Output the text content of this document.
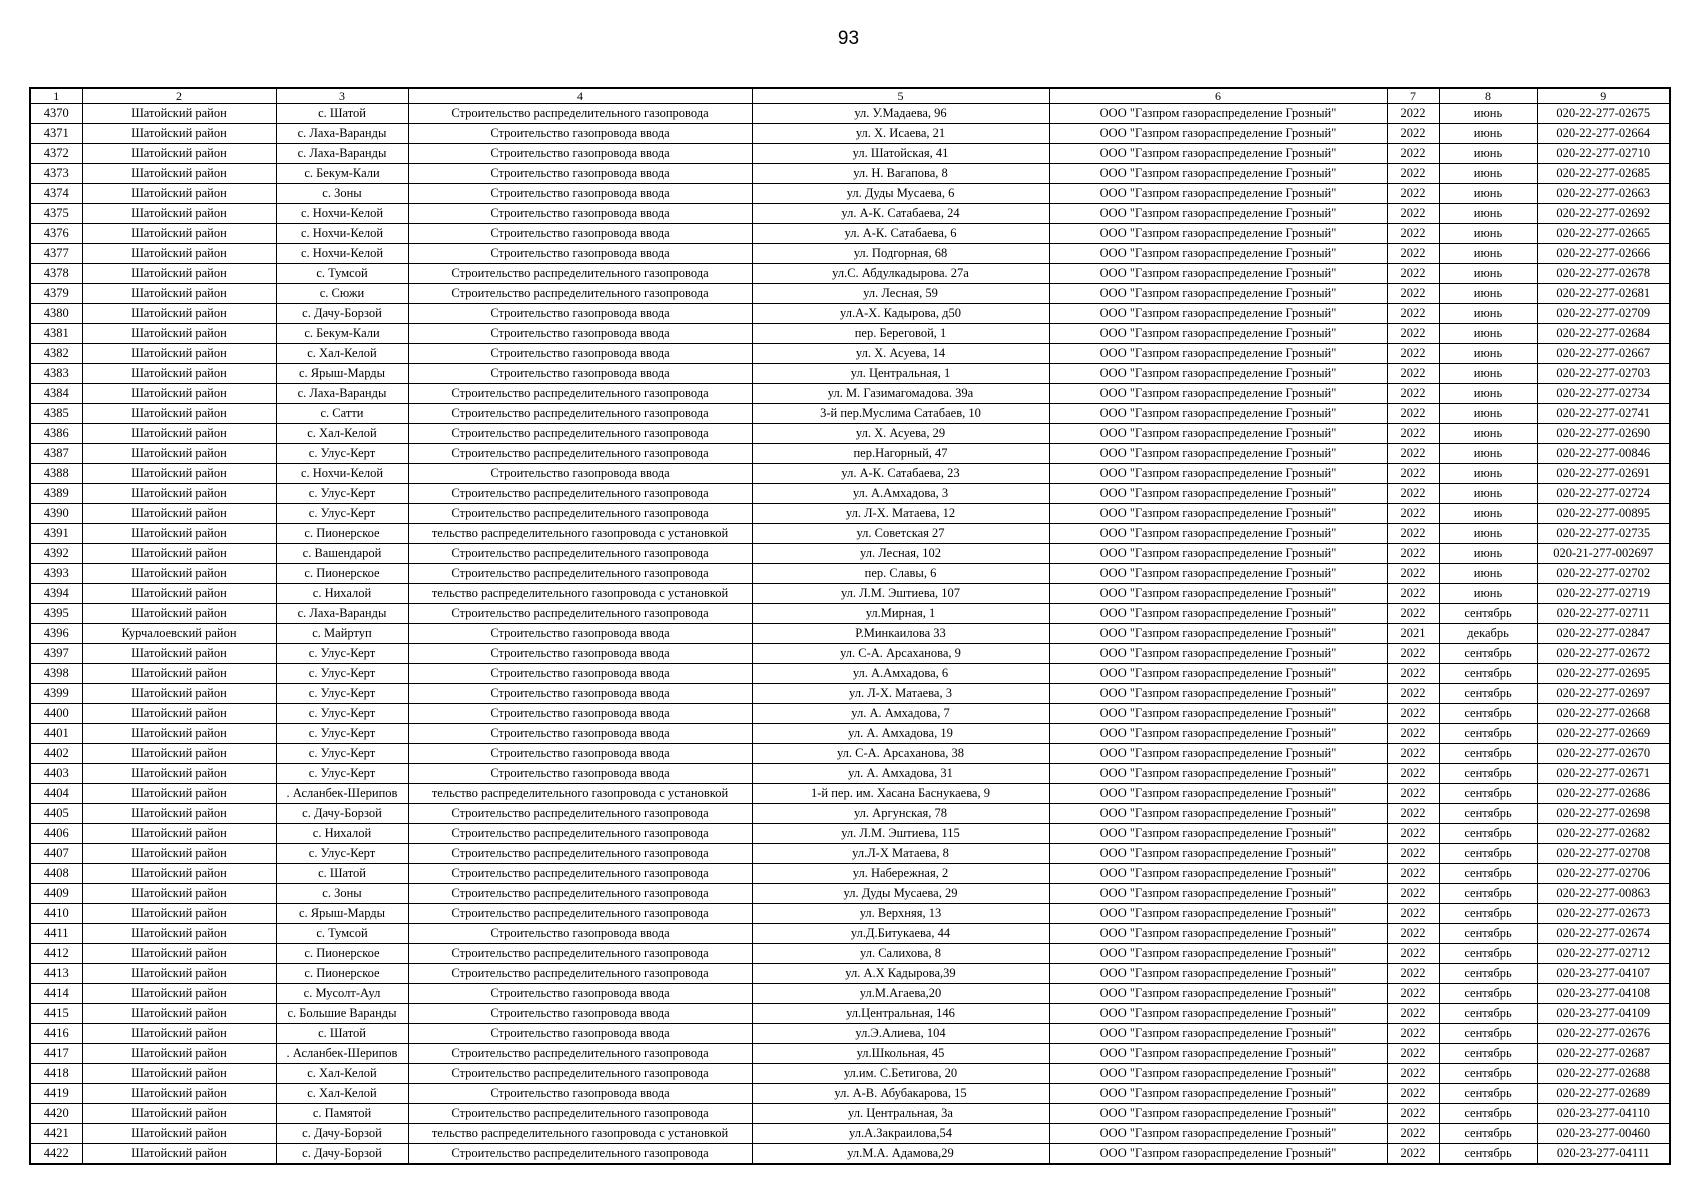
93
1	2	3	4	5	6	7	8	9
4370	Шатойский район	с. Шатой	Строительство распределительного газопровода	ул. У.Мадаева, 96	ООО "Газпром газораспределение Грозный"	2022	июнь	020-22-277-02675
4371	Шатойский район	с. Лаха-Варанды	Строительство газопровода ввода	ул. Х. Исаева, 21	ООО "Газпром газораспределение Грозный"	2022	июнь	020-22-277-02664
4372	Шатойский район	с. Лаха-Варанды	Строительство газопровода ввода	ул. Шатойская, 41	ООО "Газпром газораспределение Грозный"	2022	июнь	020-22-277-02710
4373	Шатойский район	с. Бекум-Кали	Строительство газопровода ввода	ул. Н. Вагапова, 8	ООО "Газпром газораспределение Грозный"	2022	июнь	020-22-277-02685
4374	Шатойский район	с. Зоны	Строительство газопровода ввода	ул. Дуды Мусаева, 6	ООО "Газпром газораспределение Грозный"	2022	июнь	020-22-277-02663
4375	Шатойский район	с. Нохчи-Келой	Строительство газопровода ввода	ул. А-К. Сатабаева, 24	ООО "Газпром газораспределение Грозный"	2022	июнь	020-22-277-02692
4376	Шатойский район	с. Нохчи-Келой	Строительство газопровода ввода	ул. А-К. Сатабаева, 6	ООО "Газпром газораспределение Грозный"	2022	июнь	020-22-277-02665
4377	Шатойский район	с. Нохчи-Келой	Строительство газопровода ввода	ул. Подгорная, 68	ООО "Газпром газораспределение Грозный"	2022	июнь	020-22-277-02666
4378	Шатойский район	с. Тумсой	Строительство распределительного газопровода	ул.С. Абдулкадырова. 27а	ООО "Газпром газораспределение Грозный"	2022	июнь	020-22-277-02678
4379	Шатойский район	с. Сюжи	Строительство распределительного газопровода	ул. Лесная, 59	ООО "Газпром газораспределение Грозный"	2022	июнь	020-22-277-02681
4380	Шатойский район	с. Дачу-Борзой	Строительство газопровода ввода	ул.А-Х. Кадырова, д50	ООО "Газпром газораспределение Грозный"	2022	июнь	020-22-277-02709
4381	Шатойский район	с. Бекум-Кали	Строительство газопровода ввода	пер. Береговой, 1	ООО "Газпром газораспределение Грозный"	2022	июнь	020-22-277-02684
4382	Шатойский район	с. Хал-Келой	Строительство газопровода ввода	ул. Х. Асуева, 14	ООО "Газпром газораспределение Грозный"	2022	июнь	020-22-277-02667
4383	Шатойский район	с. Ярыш-Марды	Строительство газопровода ввода	ул. Центральная, 1	ООО "Газпром газораспределение Грозный"	2022	июнь	020-22-277-02703
4384	Шатойский район	с. Лаха-Варанды	Строительство распределительного газопровода	ул. М. Газимагомадова. 39а	ООО "Газпром газораспределение Грозный"	2022	июнь	020-22-277-02734
4385	Шатойский район	с. Сатти	Строительство распределительного газопровода	3-й пер.Муслима Сатабаев, 10	ООО "Газпром газораспределение Грозный"	2022	июнь	020-22-277-02741
4386	Шатойский район	с. Хал-Келой	Строительство распределительного газопровода	ул. Х. Асуева, 29	ООО "Газпром газораспределение Грозный"	2022	июнь	020-22-277-02690
4387	Шатойский район	с. Улус-Керт	Строительство распределительного газопровода	пер.Нагорный, 47	ООО "Газпром газораспределение Грозный"	2022	июнь	020-22-277-00846
4388	Шатойский район	с. Нохчи-Келой	Строительство газопровода ввода	ул. А-К. Сатабаева, 23	ООО "Газпром газораспределение Грозный"	2022	июнь	020-22-277-02691
4389	Шатойский район	с. Улус-Керт	Строительство распределительного газопровода	ул. А.Амхадова, 3	ООО "Газпром газораспределение Грозный"	2022	июнь	020-22-277-02724
4390	Шатойский район	с. Улус-Керт	Строительство распределительного газопровода	ул. Л-Х. Матаева, 12	ООО "Газпром газораспределение Грозный"	2022	июнь	020-22-277-00895
4391	Шатойский район	с. Пионерское	тельство распределительного газопровода с установкой	ул. Советская 27	ООО "Газпром газораспределение Грозный"	2022	июнь	020-22-277-02735
4392	Шатойский район	с. Вашендарой	Строительство распределительного газопровода	ул. Лесная, 102	ООО "Газпром газораспределение Грозный"	2022	июнь	020-21-277-002697
4393	Шатойский район	с. Пионерское	Строительство распределительного газопровода	пер. Славы, 6	ООО "Газпром газораспределение Грозный"	2022	июнь	020-22-277-02702
4394	Шатойский район	с. Нихалой	тельство распределительного газопровода с установкой	ул. Л.М. Эштиева, 107	ООО "Газпром газораспределение Грозный"	2022	июнь	020-22-277-02719
4395	Шатойский район	с. Лаха-Варанды	Строительство распределительного газопровода	ул.Мирная, 1	ООО "Газпром газораспределение Грозный"	2022	сентябрь	020-22-277-02711
4396	Курчалоевский район	с. Майртуп	Строительство газопровода ввода	Р.Минкаилова 33	ООО "Газпром газораспределение Грозный"	2021	декабрь	020-22-277-02847
4397	Шатойский район	с. Улус-Керт	Строительство газопровода ввода	ул. С-А. Арсаханова, 9	ООО "Газпром газораспределение Грозный"	2022	сентябрь	020-22-277-02672
4398	Шатойский район	с. Улус-Керт	Строительство газопровода ввода	ул. А.Амхадова, 6	ООО "Газпром газораспределение Грозный"	2022	сентябрь	020-22-277-02695
4399	Шатойский район	с. Улус-Керт	Строительство газопровода ввода	ул. Л-Х. Матаева, 3	ООО "Газпром газораспределение Грозный"	2022	сентябрь	020-22-277-02697
4400	Шатойский район	с. Улус-Керт	Строительство газопровода ввода	ул. А. Амхадова, 7	ООО "Газпром газораспределение Грозный"	2022	сентябрь	020-22-277-02668
4401	Шатойский район	с. Улус-Керт	Строительство газопровода ввода	ул. А. Амхадова, 19	ООО "Газпром газораспределение Грозный"	2022	сентябрь	020-22-277-02669
4402	Шатойский район	с. Улус-Керт	Строительство газопровода ввода	ул. С-А. Арсаханова, 38	ООО "Газпром газораспределение Грозный"	2022	сентябрь	020-22-277-02670
4403	Шатойский район	с. Улус-Керт	Строительство газопровода ввода	ул. А. Амхадова, 31	ООО "Газпром газораспределение Грозный"	2022	сентябрь	020-22-277-02671
4404	Шатойский район	. Асланбек-Шерипов	тельство распределительного газопровода с установкой	1-й пер. им. Хасана Баснукаева, 9	ООО "Газпром газораспределение Грозный"	2022	сентябрь	020-22-277-02686
4405	Шатойский район	с. Дачу-Борзой	Строительство распределительного газопровода	ул. Аргунская, 78	ООО "Газпром газораспределение Грозный"	2022	сентябрь	020-22-277-02698
4406	Шатойский район	с. Нихалой	Строительство распределительного газопровода	ул. Л.М. Эштиева, 115	ООО "Газпром газораспределение Грозный"	2022	сентябрь	020-22-277-02682
4407	Шатойский район	с. Улус-Керт	Строительство распределительного газопровода	ул.Л-Х Матаева, 8	ООО "Газпром газораспределение Грозный"	2022	сентябрь	020-22-277-02708
4408	Шатойский район	с. Шатой	Строительство распределительного газопровода	ул. Набережная, 2	ООО "Газпром газораспределение Грозный"	2022	сентябрь	020-22-277-02706
4409	Шатойский район	с. Зоны	Строительство распределительного газопровода	ул. Дуды Мусаева, 29	ООО "Газпром газораспределение Грозный"	2022	сентябрь	020-22-277-00863
4410	Шатойский район	с. Ярыш-Марды	Строительство распределительного газопровода	ул. Верхняя, 13	ООО "Газпром газораспределение Грозный"	2022	сентябрь	020-22-277-02673
4411	Шатойский район	с. Тумсой	Строительство газопровода ввода	ул.Д.Битукаева, 44	ООО "Газпром газораспределение Грозный"	2022	сентябрь	020-22-277-02674
4412	Шатойский район	с. Пионерское	Строительство распределительного газопровода	ул. Салихова, 8	ООО "Газпром газораспределение Грозный"	2022	сентябрь	020-22-277-02712
4413	Шатойский район	с. Пионерское	Строительство распределительного газопровода	ул. А.Х Кадырова,39	ООО "Газпром газораспределение Грозный"	2022	сентябрь	020-23-277-04107
4414	Шатойский район	с. Мусолт-Аул	Строительство газопровода ввода	ул.М.Агаева,20	ООО "Газпром газораспределение Грозный"	2022	сентябрь	020-23-277-04108
4415	Шатойский район	с. Большие Варанды	Строительство газопровода ввода	ул.Центральная, 146	ООО "Газпром газораспределение Грозный"	2022	сентябрь	020-23-277-04109
4416	Шатойский район	с. Шатой	Строительство газопровода ввода	ул.Э.Алиева, 104	ООО "Газпром газораспределение Грозный"	2022	сентябрь	020-22-277-02676
4417	Шатойский район	. Асланбек-Шерипов	Строительство распределительного газопровода	ул.Школьная, 45	ООО "Газпром газораспределение Грозный"	2022	сентябрь	020-22-277-02687
4418	Шатойский район	с. Хал-Келой	Строительство распределительного газопровода	ул.им. С.Бетигова, 20	ООО "Газпром газораспределение Грозный"	2022	сентябрь	020-22-277-02688
4419	Шатойский район	с. Хал-Келой	Строительство газопровода ввода	ул. А-В. Абубакарова, 15	ООО "Газпром газораспределение Грозный"	2022	сентябрь	020-22-277-02689
4420	Шатойский район	с. Памятой	Строительство распределительного газопровода	ул. Центральная, 3а	ООО "Газпром газораспределение Грозный"	2022	сентябрь	020-23-277-04110
4421	Шатойский район	с. Дачу-Борзой	тельство распределительного газопровода с установкой	ул.А.Закраилова,54	ООО "Газпром газораспределение Грозный"	2022	сентябрь	020-23-277-00460
4422	Шатойский район	с. Дачу-Борзой	Строительство распределительного газопровода	ул.М.А. Адамова,29	ООО "Газпром газораспределение Грозный"	2022	сентябрь	020-23-277-04111
